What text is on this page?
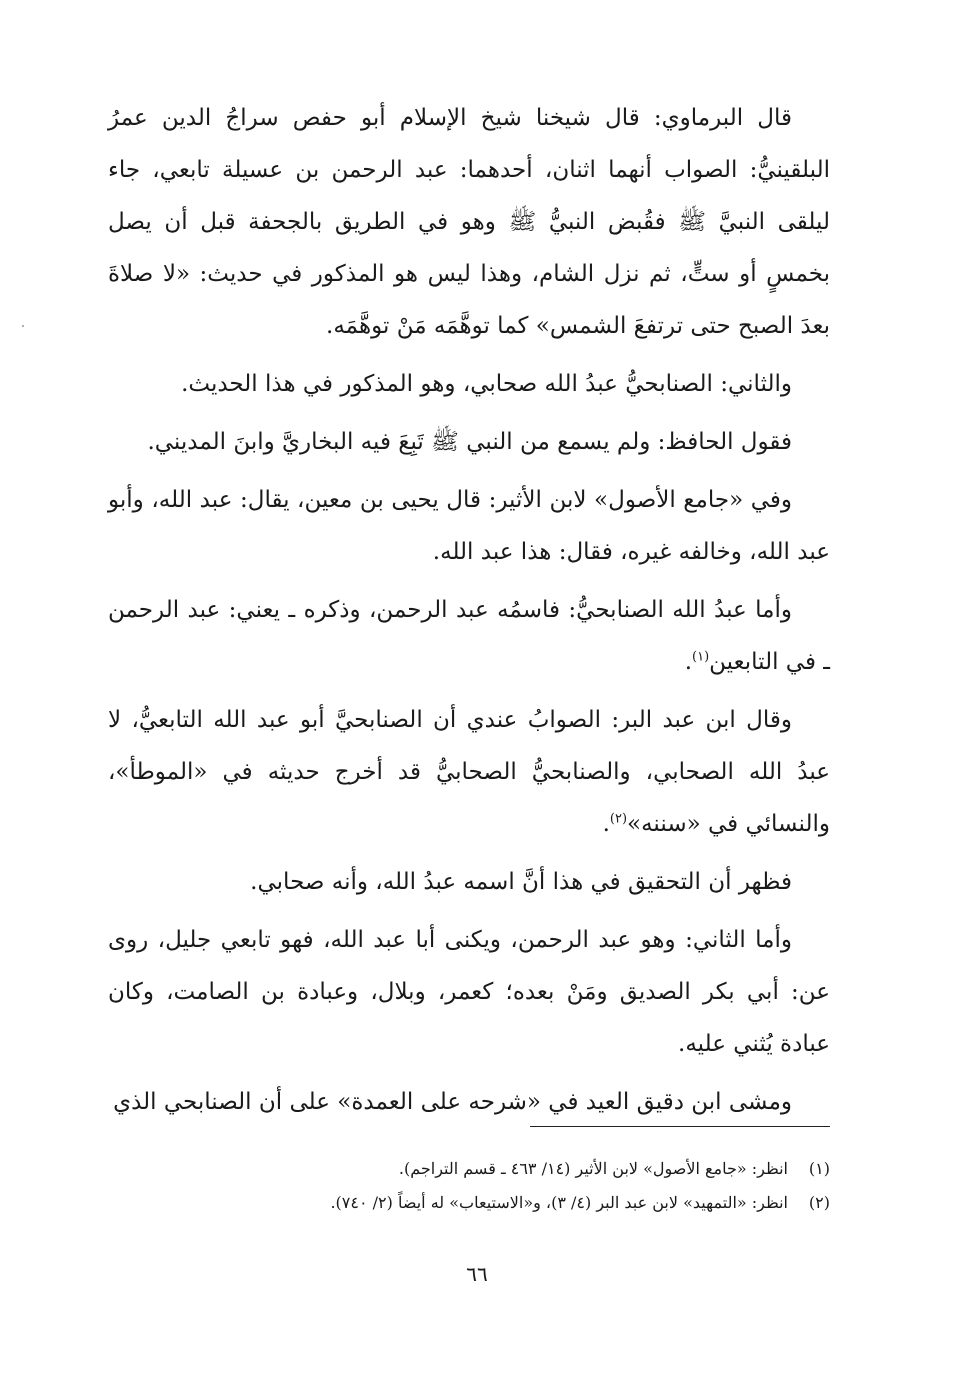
قال البرماوي: قال شيخنا شيخ الإسلام أبو حفص سراجُ الدين عمرُ البلقينيُّ: الصواب أنهما اثنان، أحدهما: عبد الرحمن بن عسيلة تابعي، جاء ليلقى النبيَّ ﷺ فقُبض النبيُّ ﷺ وهو في الطريق بالجحفة قبل أن يصل بخمسٍ أو ستٍّ، ثم نزل الشام، وهذا ليس هو المذكور في حديث: «لا صلاةَ بعدَ الصبح حتى ترتفعَ الشمس» كما توهَّمَه مَنْ توهَّمَه.

والثاني: الصنابحيُّ عبدُ الله صحابي، وهو المذكور في هذا الحديث.

فقول الحافظ: ولم يسمع من النبي ﷺ تَبِعَ فيه البخاريَّ وابنَ المديني.

وفي «جامع الأصول» لابن الأثير: قال يحيى بن معين، يقال: عبد الله، وأبو عبد الله، وخالفه غيره، فقال: هذا عبد الله.

وأما عبدُ الله الصنابحيُّ: فاسمُه عبد الرحمن، وذكره ـ يعني: عبد الرحمن ـ في التابعين$^{(١)}$.

وقال ابن عبد البر: الصوابُ عندي أن الصنابحيَّ أبو عبد الله التابعيُّ، لا عبدُ الله الصحابي، والصنابحيُّ الصحابيُّ قد أخرج حديثه في «الموطأ»، والنسائي في «سننه»$^{(٢)}$.

فظهر أن التحقيق في هذا أنَّ اسمه عبدُ الله، وأنه صحابي.

وأما الثاني: وهو عبد الرحمن، ويكنى أبا عبد الله، فهو تابعي جليل، روى عن: أبي بكر الصديق ومَنْ بعده؛ كعمر، وبلال، وعبادة بن الصامت، وكان عبادة يُثني عليه.

ومشى ابن دقيق العيد في «شرحه على العمدة» على أن الصنابحي الذي

(١)انظر: «جامع الأصول» لابن الأثير (١٤/ ٤٦٣ ـ قسم التراجم).

(٢)انظر: «التمهيد» لابن عبد البر (٤/ ٣)، و«الاستيعاب» له أيضاً (٢/ ٧٤٠).

٦٦
